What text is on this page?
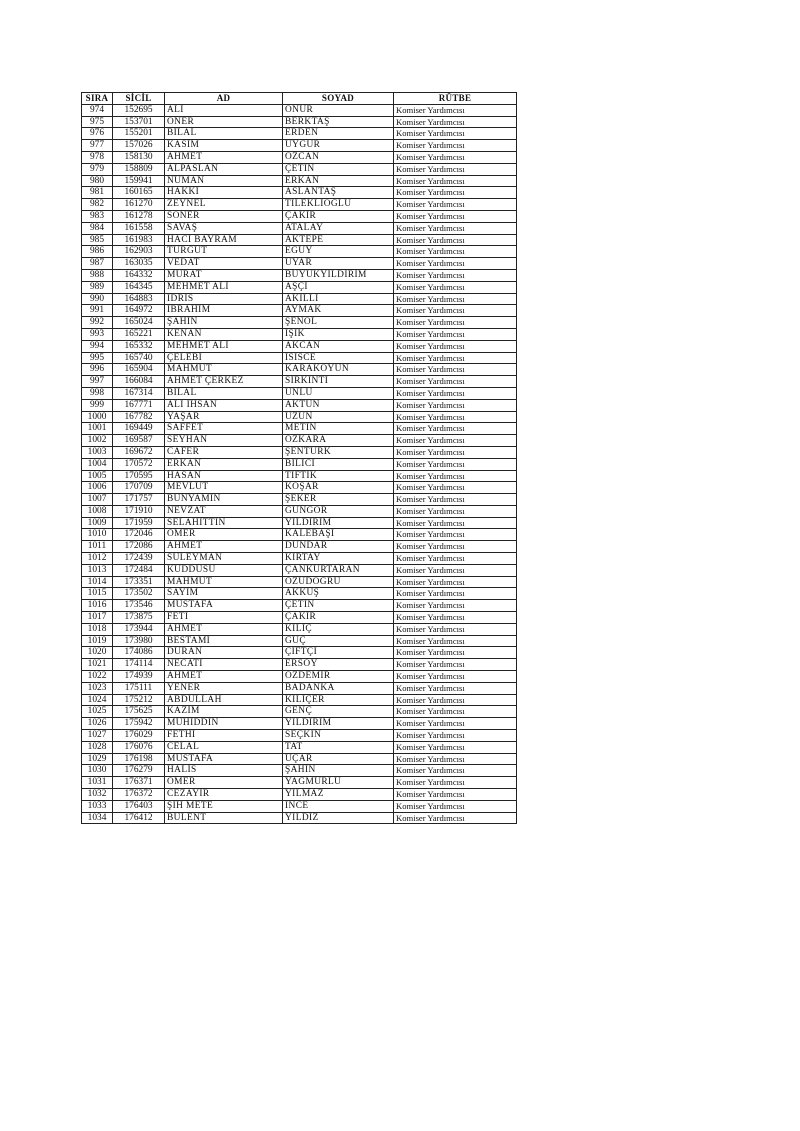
SIRA	SİCİL	AD	SOYAD	RÜTBE
974	152695	ALİ	ÖNÜR	Komiser Yardımcısı
975	153701	ÖNER	BERKTAŞ	Komiser Yardımcısı
976	155201	BİLAL	ERDEN	Komiser Yardımcısı
977	157026	KASIM	UYGUR	Komiser Yardımcısı
978	158130	AHMET	ÖZCAN	Komiser Yardımcısı
979	158809	ALPASLAN	ÇETİN	Komiser Yardımcısı
980	159941	NUMAN	ERKAN	Komiser Yardımcısı
981	160165	HAKKI	ASLANTAŞ	Komiser Yardımcısı
982	161270	ZEYNEL	TİLEKLİOĞLU	Komiser Yardımcısı
983	161278	SONER	ÇAKIR	Komiser Yardımcısı
984	161558	SAVAŞ	ATALAY	Komiser Yardımcısı
985	161983	HACI BAYRAM	AKTEPE	Komiser Yardımcısı
986	162903	TURGUT	EGÜY	Komiser Yardımcısı
987	163035	VEDAT	UYAR	Komiser Yardımcısı
988	164332	MURAT	BÜYÜKYILDIRIM	Komiser Yardımcısı
989	164345	MEHMET ALİ	AŞÇI	Komiser Yardımcısı
990	164883	İDRİS	AKILLI	Komiser Yardımcısı
991	164972	İBRAHİM	AYMAK	Komiser Yardımcısı
992	165024	ŞAHİN	ŞENOL	Komiser Yardımcısı
993	165221	KENAN	IŞIK	Komiser Yardımcısı
994	165332	MEHMET ALİ	AKCAN	Komiser Yardımcısı
995	165740	ÇELEBİ	İSİSCE	Komiser Yardımcısı
996	165904	MAHMUT	KARAKOYUN	Komiser Yardımcısı
997	166084	AHMET ÇERKEZ	SIRKINTI	Komiser Yardımcısı
998	167314	BİLAL	ÜNLÜ	Komiser Yardımcısı
999	167771	ALİ İHSAN	AKTUN	Komiser Yardımcısı
1000	167782	YAŞAR	UZUN	Komiser Yardımcısı
1001	169449	SAFFET	METİN	Komiser Yardımcısı
1002	169587	SEYHAN	ÖZKARA	Komiser Yardımcısı
1003	169672	CAFER	ŞENTÜRK	Komiser Yardımcısı
1004	170572	ERKAN	BİLİCİ	Komiser Yardımcısı
1005	170595	HASAN	TİFTİK	Komiser Yardımcısı
1006	170709	MEVLÜT	KOŞAR	Komiser Yardımcısı
1007	171757	BÜNYAMİN	ŞEKER	Komiser Yardımcısı
1008	171910	NEVZAT	GÜNGÖR	Komiser Yardımcısı
1009	171959	SELAHİTTİN	YILDIRIM	Komiser Yardımcısı
1010	172046	ÖMER	KALEBAŞI	Komiser Yardımcısı
1011	172086	AHMET	DÜNDAR	Komiser Yardımcısı
1012	172439	SÜLEYMAN	KIRTAY	Komiser Yardımcısı
1013	172484	KUDDÜSÜ	ÇANKURTARAN	Komiser Yardımcısı
1014	173351	MAHMUT	ÖZÜDOĞRU	Komiser Yardımcısı
1015	173502	SAYIM	AKKUŞ	Komiser Yardımcısı
1016	173546	MUSTAFA	ÇETİN	Komiser Yardımcısı
1017	173875	FETİ	ÇAKIR	Komiser Yardımcısı
1018	173944	AHMET	KILIÇ	Komiser Yardımcısı
1019	173980	BESTAMİ	GÜÇ	Komiser Yardımcısı
1020	174086	DURAN	ÇİFTÇİ	Komiser Yardımcısı
1021	174114	NECATİ	ERSOY	Komiser Yardımcısı
1022	174939	AHMET	ÖZDEMİR	Komiser Yardımcısı
1023	175111	YENER	BADANKA	Komiser Yardımcısı
1024	175212	ABDULLAH	KILIÇER	Komiser Yardımcısı
1025	175625	KAZIM	GENÇ	Komiser Yardımcısı
1026	175942	MUHİDDİN	YILDIRIM	Komiser Yardımcısı
1027	176029	FETHİ	SEÇKİN	Komiser Yardımcısı
1028	176076	CELAL	TAT	Komiser Yardımcısı
1029	176198	MUSTAFA	UÇAR	Komiser Yardımcısı
1030	176279	HALİS	ŞAHİN	Komiser Yardımcısı
1031	176371	ÖMER	YAĞMURLU	Komiser Yardımcısı
1032	176372	CEZAYİR	YILMAZ	Komiser Yardımcısı
1033	176403	ŞIH METE	İNCE	Komiser Yardımcısı
1034	176412	BÜLENT	YILDIZ	Komiser Yardımcısı
